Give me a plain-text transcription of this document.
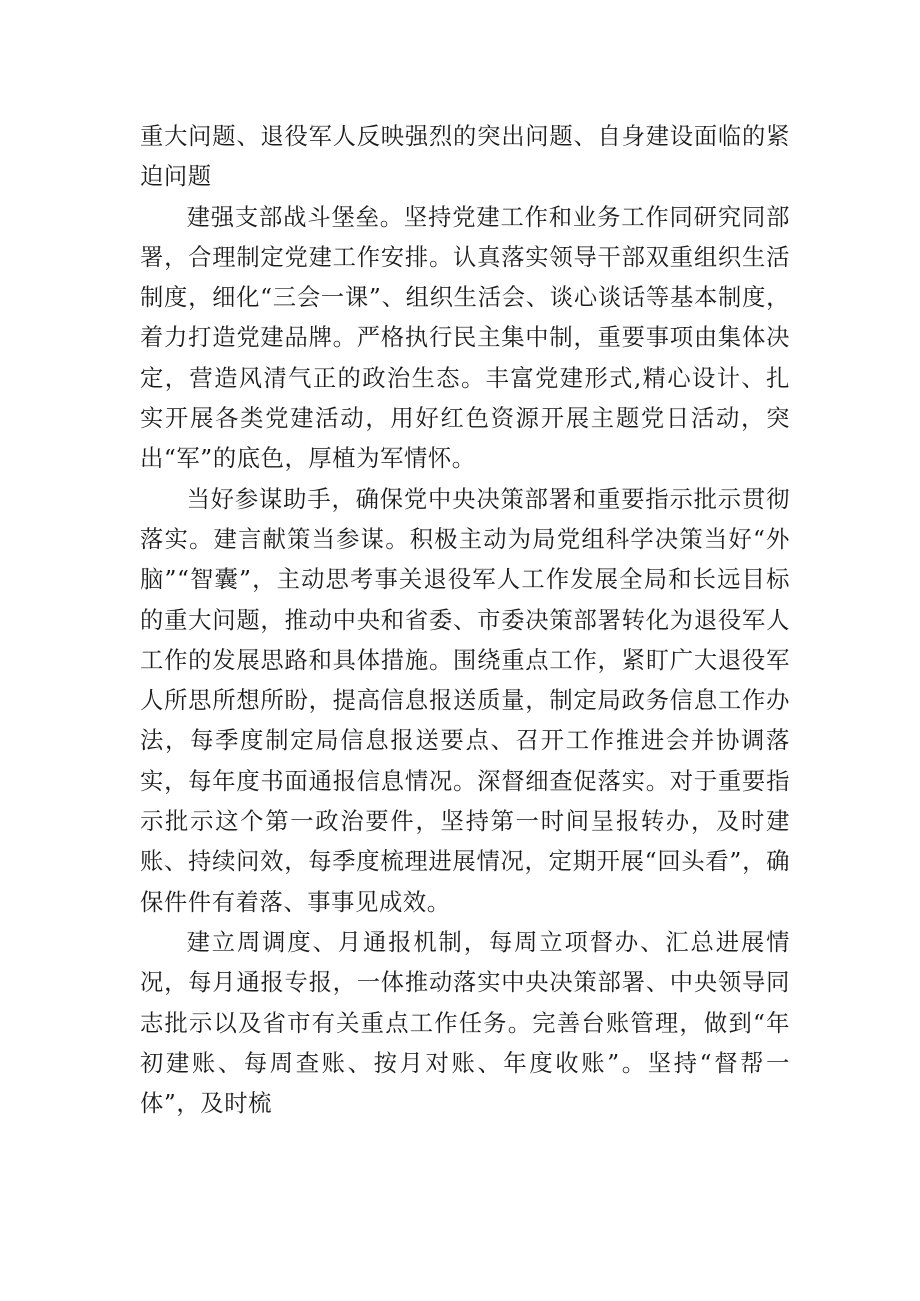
重大问题、退役军人反映强烈的突出问题、自身建设面临的紧迫问题

建强支部战斗堡垒。坚持党建工作和业务工作同研究同部署，合理制定党建工作安排。认真落实领导干部双重组织生活制度，细化“三会一课”、组织生活会、谈心谈话等基本制度，着力打造党建品牌。严格执行民主集中制，重要事项由集体决定，营造风清气正的政治生态。丰富党建形式,精心设计、扎实开展各类党建活动，用好红色资源开展主题党日活动，突出“军”的底色，厚植为军情怀。

当好参谋助手，确保党中央决策部署和重要指示批示贯彻落实。建言献策当参谋。积极主动为局党组科学决策当好“外脑”“智囊”，主动思考事关退役军人工作发展全局和长远目标的重大问题，推动中央和省委、市委决策部署转化为退役军人工作的发展思路和具体措施。围绕重点工作，紧盯广大退役军人所思所想所盼，提高信息报送质量，制定局政务信息工作办法，每季度制定局信息报送要点、召开工作推进会并协调落实，每年度书面通报信息情况。深督细查促落实。对于重要指示批示这个第一政治要件，坚持第一时间呈报转办，及时建账、持续问效，每季度梳理进展情况，定期开展“回头看”，确保件件有着落、事事见成效。

建立周调度、月通报机制，每周立项督办、汇总进展情况，每月通报专报，一体推动落实中央决策部署、中央领导同志批示以及省市有关重点工作任务。完善台账管理，做到“年初建账、每周查账、按月对账、年度收账”。坚持“督帮一体”，及时梳
